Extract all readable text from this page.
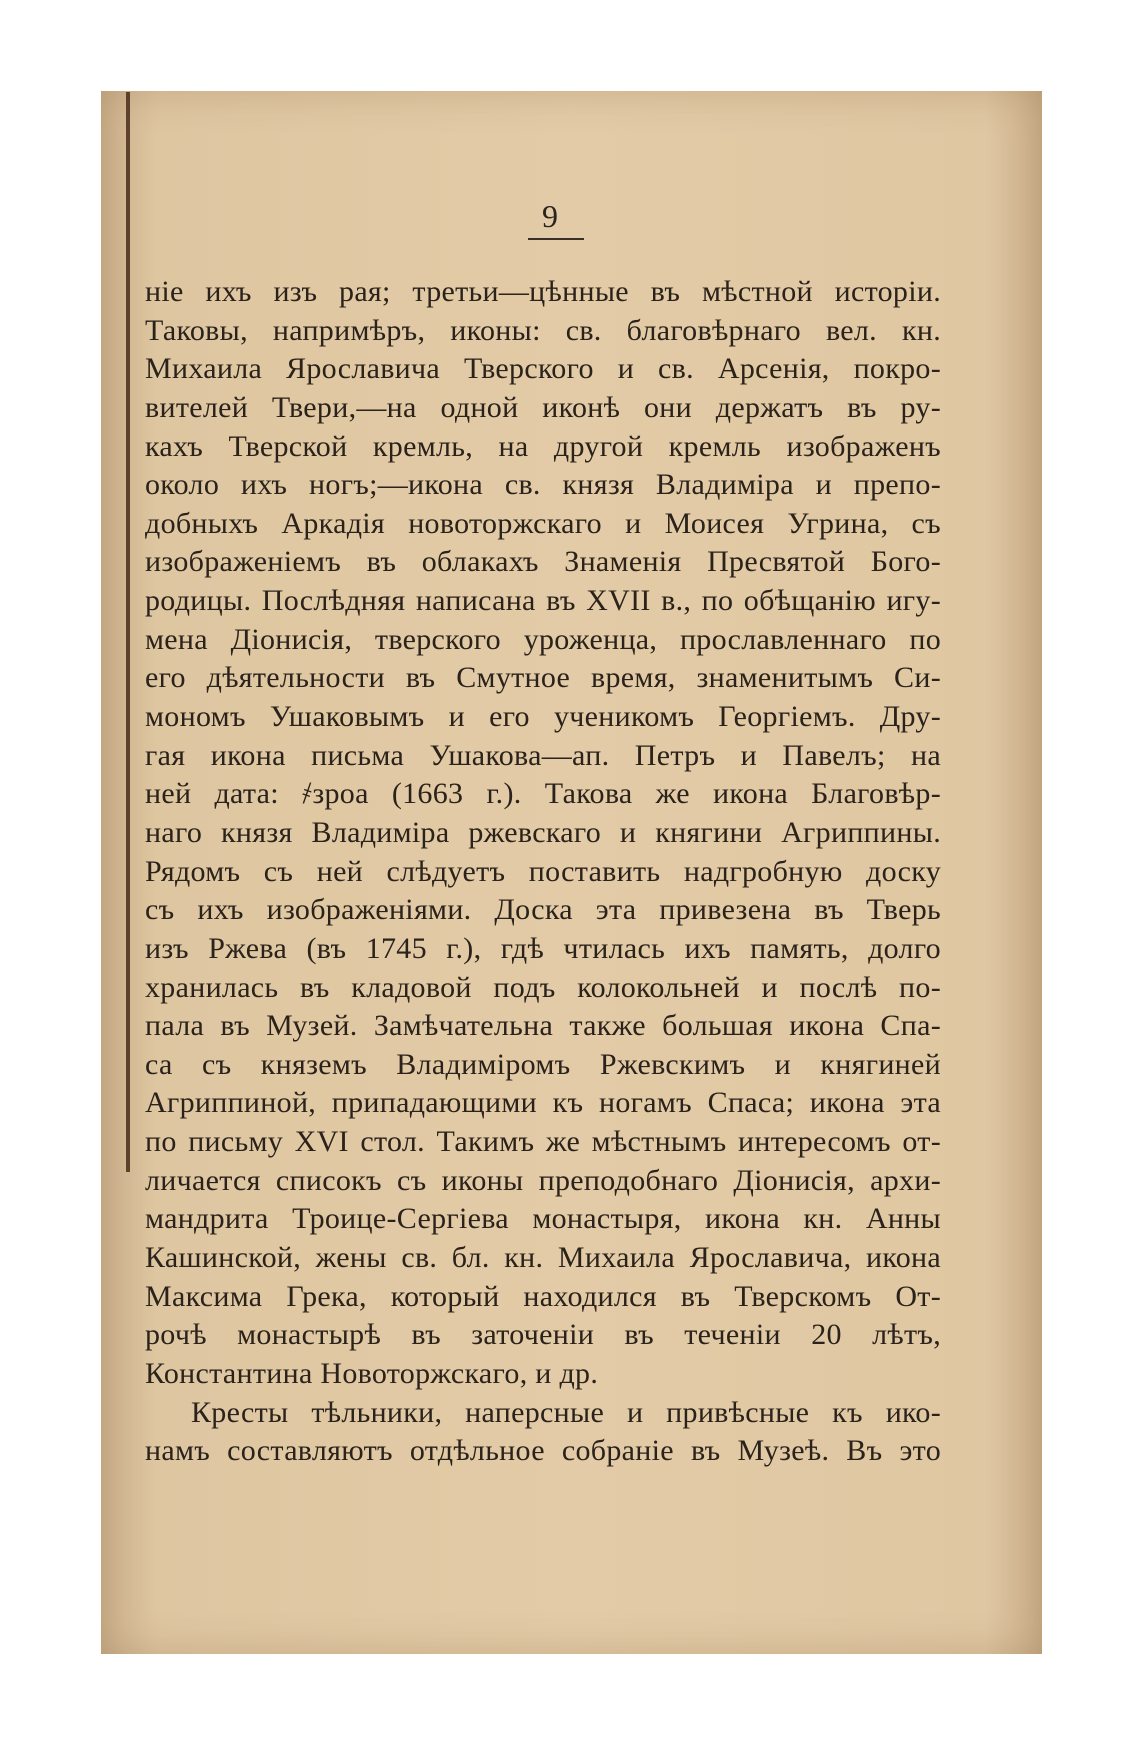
9
ніе ихъ изъ рая; третьи—цѣнные въ мѣстной исторіи.
Таковы, напримѣръ, иконы: св. благовѣрнаго вел. кн.
Михаила Ярославича Тверского и св. Арсенія, покро-
вителей Твери,—на одной иконѣ они держатъ въ ру-
кахъ Тверской кремль, на другой кремль изображенъ
около ихъ ногъ;—икона св. князя Владиміра и препо-
добныхъ Аркадія новоторжскаго и Моисея Угрина, съ
изображеніемъ въ облакахъ Знаменія Пресвятой Бого-
родицы. Послѣдняя написана въ XVII в., по обѣщанію игу-
мена Діонисія, тверского уроженца, прославленнаго по
его дѣятельности въ Смутное время, знаменитымъ Си-
мономъ Ушаковымъ и его ученикомъ Георгіемъ. Дру-
гая икона письма Ушакова—ап. Петръ и Павелъ; на
ней дата: ҂зроа (1663 г.). Такова же икона Благовѣр-
наго князя Владиміра ржевскаго и княгини Агриппины.
Рядомъ съ ней слѣдуетъ поставить надгробную доску
съ ихъ изображеніями. Доска эта привезена въ Тверь
изъ Ржева (въ 1745 г.), гдѣ чтилась ихъ память, долго
хранилась въ кладовой подъ колокольней и послѣ по-
пала въ Музей. Замѣчательна также большая икона Спа-
са съ княземъ Владиміромъ Ржевскимъ и княгиней
Агриппиной, припадающими къ ногамъ Спаса; икона эта
по письму XVI стол. Такимъ же мѣстнымъ интересомъ от-
личается списокъ съ иконы преподобнаго Діонисія, архи-
мандрита Троице-Сергіева монастыря, икона кн. Анны
Кашинской, жены св. бл. кн. Михаила Ярославича, икона
Максима Грека, который находился въ Тверскомъ От-
рочѣ монастырѣ въ заточеніи въ теченіи 20 лѣтъ,
Константина Новоторжскаго, и др.
Кресты тѣльники, наперсные и привѣсные къ ико-
намъ составляютъ отдѣльное собраніе въ Музеѣ. Въ это
